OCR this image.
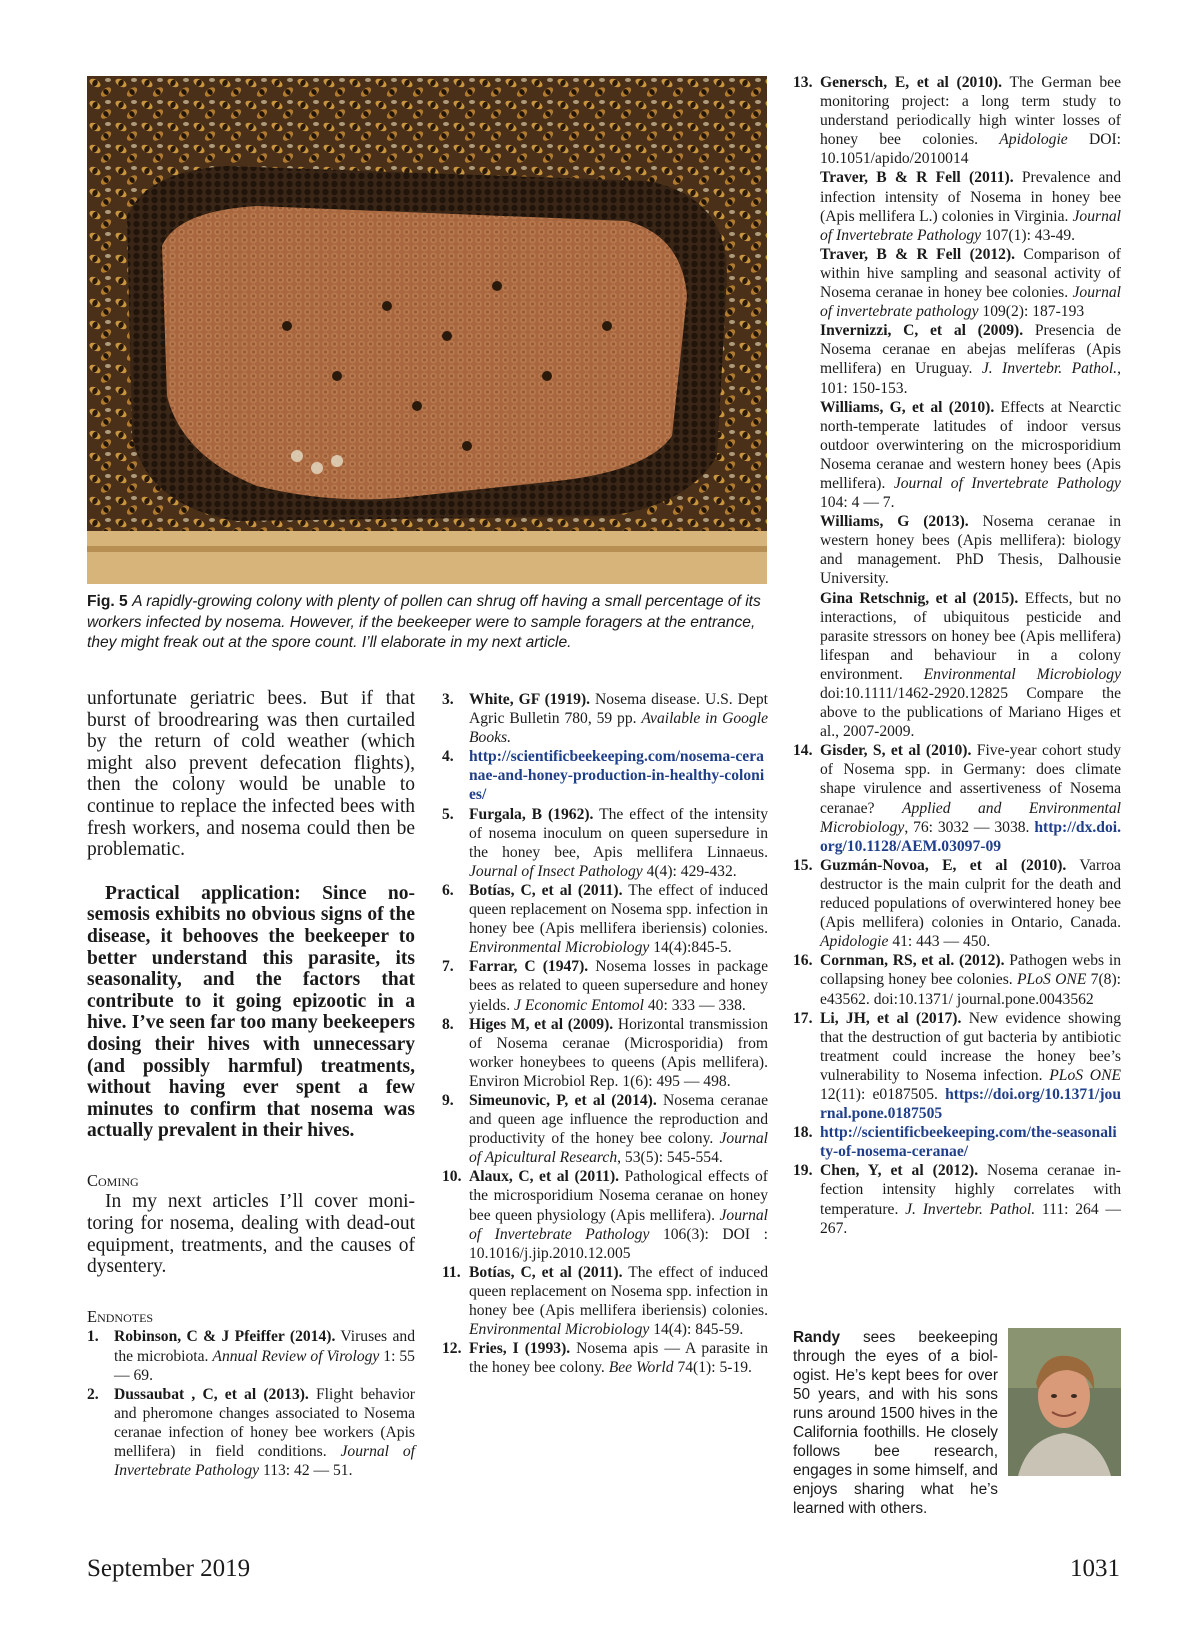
Fig. 5 A rapidly-growing colony with plenty of pollen can shrug off having a small percentage of its workers infected by nosema. However, if the beekeeper were to sample foragers at the entrance, they might freak out at the spore count. I’ll elaborate in my next article.

unfortunate geriatric bees. But if that burst of broodrearing was then curtailed by the return of cold weather (which might also prevent defecation flights), then the colony would be unable to continue to replace the infected bees with fresh workers, and nosema could then be problematic.

Practical application: Since nosemosis exhibits no obvious signs of the disease, it behooves the beekeeper to better understand this parasite, its seasonality, and the factors that contribute to it going epizootic in a hive. I’ve seen far too many beekeepers dosing their hives with unnecessary (and possibly harmful) treatments, without having ever spent a few minutes to confirm that nosema was actually prevalent in their hives.

Coming

In my next articles I’ll cover monitoring for nosema, dealing with dead-out equipment, treatments, and the causes of dysentery.

Endnotes
1. Robinson, C & J Pfeiffer (2014). Viruses and the microbiota. Annual Review of Virology 1: 55 — 69.
2. Dussaubat , C, et al (2013). Flight behavior and pheromone changes associated to Nosema ceranae infection of honey bee workers (Apis mellifera) in field conditions. Journal of Invertebrate Pathology 113: 42 — 51.
3. White, GF (1919). Nosema disease. U.S. Dept Agric Bulletin 780, 59 pp. Available in Google Books.
4. http://scientificbeekeeping.com/nosema-ceranae-and-honey-production-in-healthy-colonies/
5. Furgala, B (1962). The effect of the intensity of nosema inoculum on queen supersedure in the honey bee, Apis mellifera Linnaeus. Journal of Insect Pathology 4(4): 429-432.
6. Botías, C, et al (2011). The effect of induced queen replacement on Nosema spp. infection in honey bee (Apis mellifera iberiensis) colonies. Environmental Microbiology 14(4):845-5.
7. Farrar, C (1947). Nosema losses in package bees as related to queen supersedure and honey yields. J Economic Entomol 40: 333 — 338.
8. Higes M, et al (2009). Horizontal transmission of Nosema ceranae (Microsporidia) from worker honeybees to queens (Apis mellifera). Environ Microbiol Rep. 1(6): 495 — 498.
9. Simeunovic, P, et al (2014). Nosema ceranae and queen age influence the reproduction and productivity of the honey bee colony. Journal of Apicultural Research, 53(5): 545-554.
10. Alaux, C, et al (2011). Pathological effects of the microsporidium Nosema ceranae on honey bee queen physiology (Apis mellifera). Journal of Invertebrate Pathology 106(3): DOI : 10.1016/j.jip.2010.12.005
11. Botías, C, et al (2011). The effect of induced queen replacement on Nosema spp. infection in honey bee (Apis mellifera iberiensis) colonies. Environmental Microbiology 14(4): 845-59.
12. Fries, I (1993). Nosema apis — A parasite in the honey bee colony. Bee World 74(1): 5-19.
13. Genersch, E, et al (2010). The German bee monitoring project: a long term study to understand periodically high winter losses of honey bee colonies. Apidologie DOI: 10.1051/apido/2010014
Traver, B & R Fell (2011). Prevalence and infection intensity of Nosema in honey bee (Apis mellifera L.) colonies in Virginia. Journal of Invertebrate Pathology 107(1): 43-49.
Traver, B & R Fell (2012). Comparison of within hive sampling and seasonal activity of Nosema ceranae in honey bee colonies. Journal of invertebrate pathology 109(2): 187-193
Invernizzi, C, et al (2009). Presencia de Nosema ceranae en abejas melíferas (Apis mellifera) en Uruguay. J. Invertebr. Pathol., 101: 150-153.
Williams, G, et al (2010). Effects at Nearctic north-temperate latitudes of indoor versus outdoor overwintering on the microsporidium Nosema ceranae and western honey bees (Apis mellifera). Journal of Invertebrate Pathology 104: 4 — 7.
Williams, G (2013). Nosema ceranae in western honey bees (Apis mellifera): biology and management. PhD Thesis, Dalhousie University.
Gina Retschnig, et al (2015). Effects, but no interactions, of ubiquitous pesticide and parasite stressors on honey bee (Apis mellifera) lifespan and behaviour in a colony environment. Environmental Microbiology doi:10.1111/1462-2920.12825 Compare the above to the publications of Mariano Higes et al., 2007-2009.
14. Gisder, S, et al (2010). Five-year cohort study of Nosema spp. in Germany: does climate shape virulence and assertiveness of Nosema ceranae? Applied and Environmental Microbiology, 76: 3032 — 3038. http://dx.doi.org/10.1128/AEM.03097-09
15. Guzmán-Novoa, E, et al (2010). Varroa destructor is the main culprit for the death and reduced populations of overwintered honey bee (Apis mellifera) colonies in Ontario, Canada. Apidologie 41: 443 — 450.
16. Cornman, RS, et al. (2012). Pathogen webs in collapsing honey bee colonies. PLoS ONE 7(8): e43562. doi:10.1371/ journal.pone.0043562
17. Li, JH, et al (2017). New evidence showing that the destruction of gut bacteria by antibiotic treatment could increase the honey bee’s vulnerability to Nosema infection. PLoS ONE 12(11): e0187505. https://doi.org/10.1371/journal.pone.0187505
18. http://scientificbeekeeping.com/the-seasonality-of-nosema-ceranae/
19. Chen, Y, et al (2012). Nosema ceranae infection intensity highly correlates with temperature. J. Invertebr. Pathol. 111: 264 — 267.
Randy sees beekeeping through the eyes of a biologist. He’s kept bees for over 50 years, and with his sons runs around 1500 hives in the California foothills. He closely follows bee research, engages in some himself, and enjoys sharing what he’s learned with others.
September 2019	1031
